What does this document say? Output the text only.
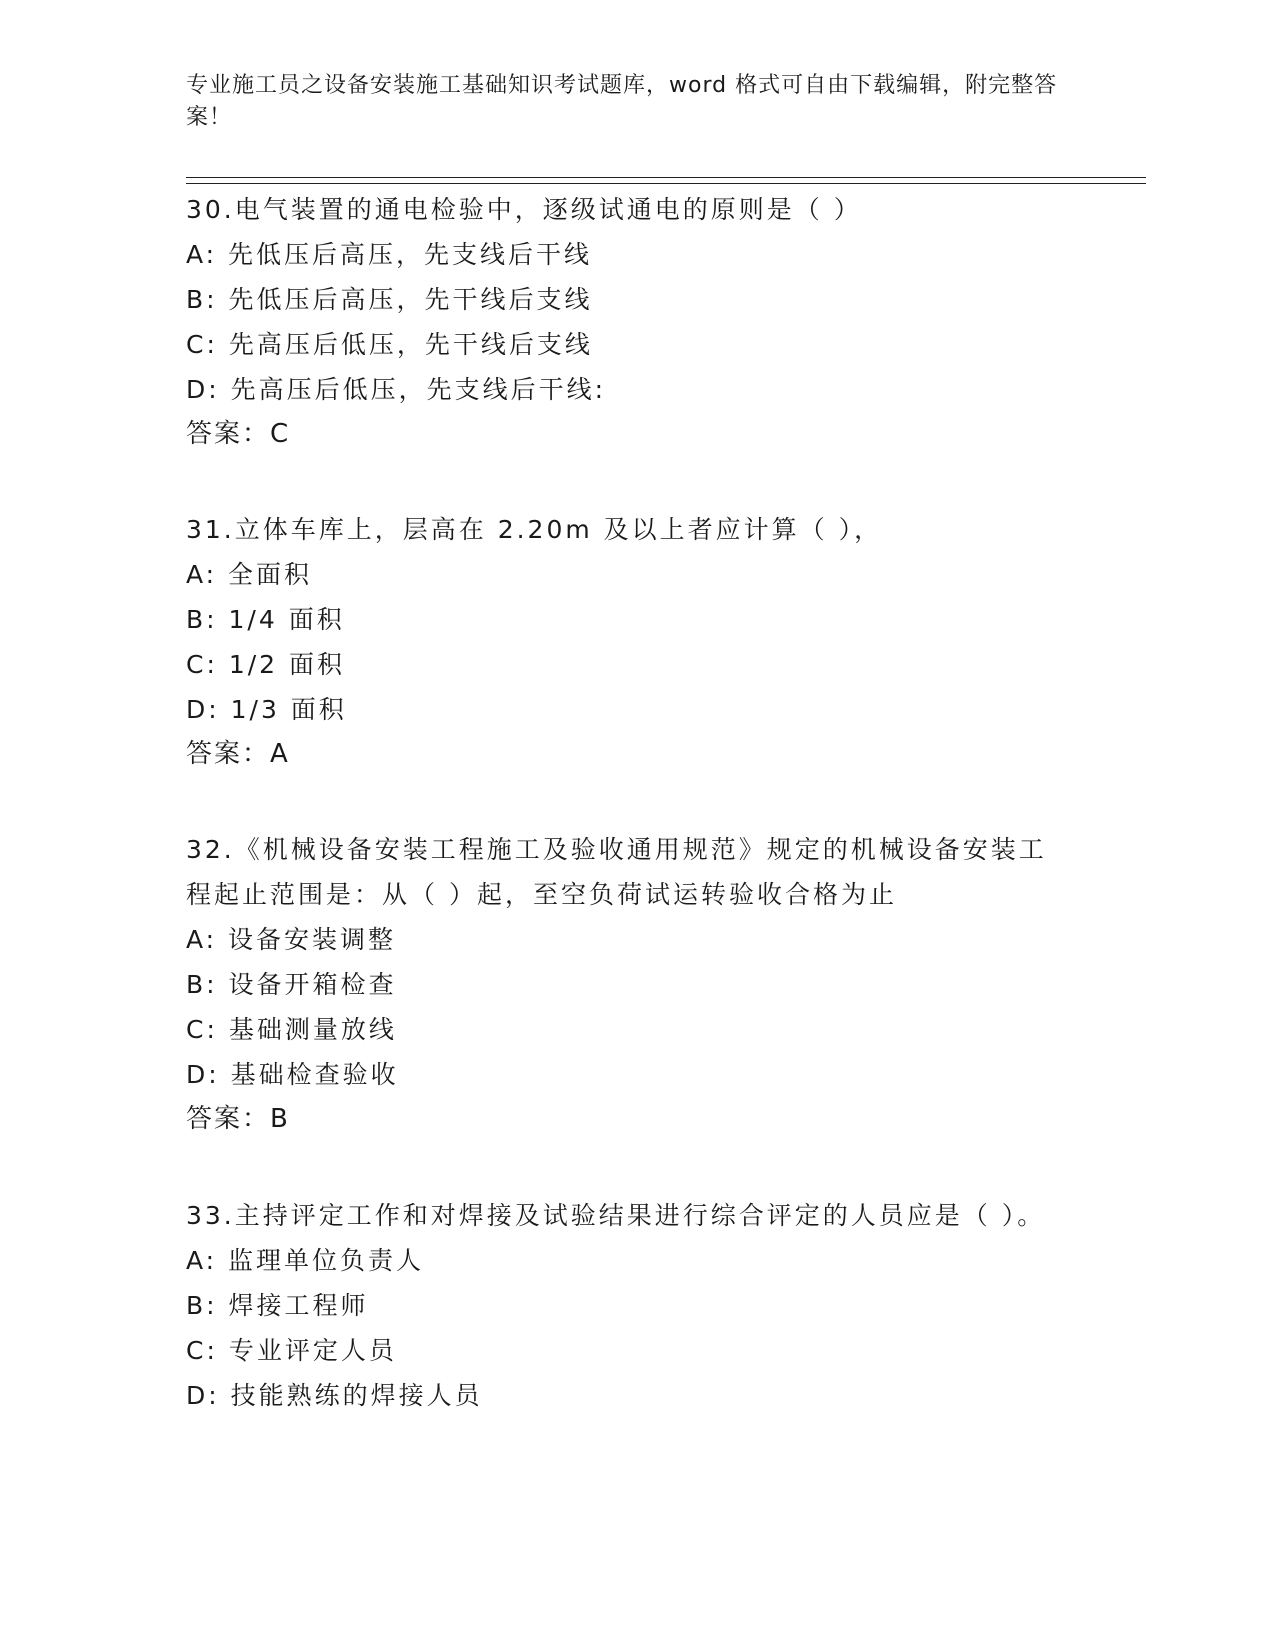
专业施工员之设备安装施工基础知识考试题库，word 格式可自由下载编辑，附完整答案！
30.电气装置的通电检验中，逐级试通电的原则是（ ）
A: 先低压后高压，先支线后干线
B: 先低压后高压，先干线后支线
C: 先高压后低压，先干线后支线
D: 先高压后低压，先支线后干线:
答案：C
31.立体车库上，层高在 2.20m 及以上者应计算（ ），
A: 全面积
B: 1/4 面积
C: 1/2 面积
D: 1/3 面积
答案：A
32.《机械设备安装工程施工及验收通用规范》规定的机械设备安装工程起止范围是：从（ ）起，至空负荷试运转验收合格为止
A: 设备安装调整
B: 设备开箱检查
C: 基础测量放线
D: 基础检查验收
答案：B
33.主持评定工作和对焊接及试验结果进行综合评定的人员应是（ ）。
A: 监理单位负责人
B: 焊接工程师
C: 专业评定人员
D: 技能熟练的焊接人员
